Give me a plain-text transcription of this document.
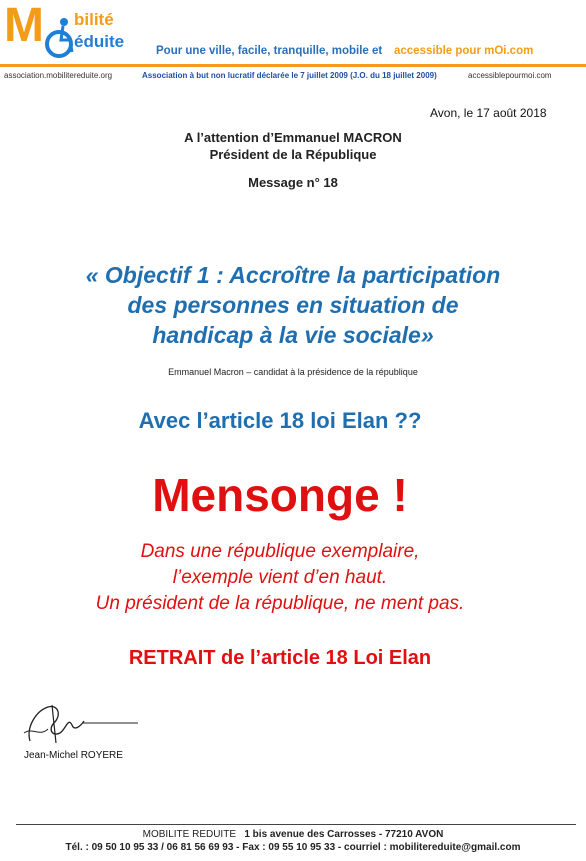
M bilité
éduite	Pour une ville, facile, tranquille, mobile et accessible pour mOi.com
association.mobilitereduite.org	Association à but non lucratif déclarée le 7 juillet 2009 (J.O. du 18 juillet 2009)	accessiblepourmoi.com
Avon, le 17 août 2018
A l’attention d’Emmanuel MACRON
Président de la République
Message n° 18
« Objectif 1 : Accroître la participation
des personnes en situation de
handicap à la vie sociale»
Emmanuel Macron – candidat à la présidence de la république
Avec l’article 18 loi Elan ??
Mensonge !
Dans une république exemplaire,
l’exemple vient d’en haut.
Un président de la république, ne ment pas.
RETRAIT de l’article 18 Loi Elan
Jean-Michel ROYERE
MOBILITE REDUITE 1 bis avenue des Carrosses - 77210 AVON
Tél. : 09 50 10 95 33 / 06 81 56 69 93 - Fax : 09 55 10 95 33 - courriel : mobilitereduite@gmail.com
